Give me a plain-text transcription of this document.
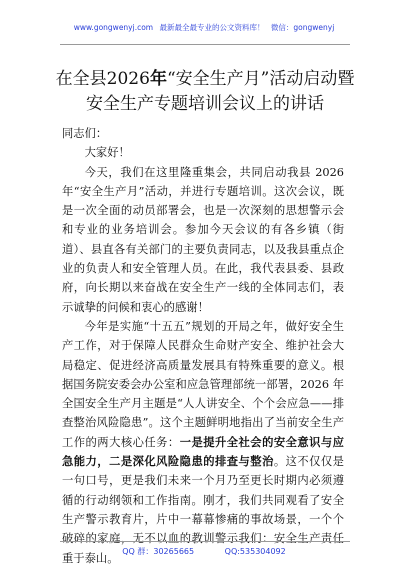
www.gongwenyj.com 最新最全最专业的公文资料库！ 微信：gongwenyj
在全县2026年“安全生产月”活动启动暨安全生产专题培训会议上的讲话

同志们：

大家好！

今天，我们在这里隆重集会，共同启动我县 2026 年“安全生产月”活动，并进行专题培训。这次会议，既是一次全面的动员部署会，也是一次深刻的思想警示会和专业的业务培训会。参加今天会议的有各乡镇（街道）、县直各有关部门的主要负责同志，以及我县重点企业的负责人和安全管理人员。在此，我代表县委、县政府，向长期以来奋战在安全生产一线的全体同志们，表示诚挚的问候和衷心的感谢！

今年是实施“十五五”规划的开局之年，做好安全生产工作，对于保障人民群众生命财产安全、维护社会大局稳定、促进经济高质量发展具有特殊重要的意义。根据国务院安委会办公室和应急管理部统一部署，2026 年全国安全生产月主题是“人人讲安全、个个会应急——排查整治风险隐患”。这个主题鲜明地指出了当前安全生产工作的两大核心任务：一是提升全社会的安全意识与应急能力，二是深化风险隐患的排查与整治。这不仅仅是一句口号，更是我们未来一个月乃至更长时期内必须遵循的行动纲领和工作指南。刚才，我们共同观看了安全生产警示教育片，片中一幕幕惨痛的事故场景，一个个破碎的家庭，无不以血的教训警示我们：安全生产责任重于泰山。

QQ 群：30265665	QQ:535304092
